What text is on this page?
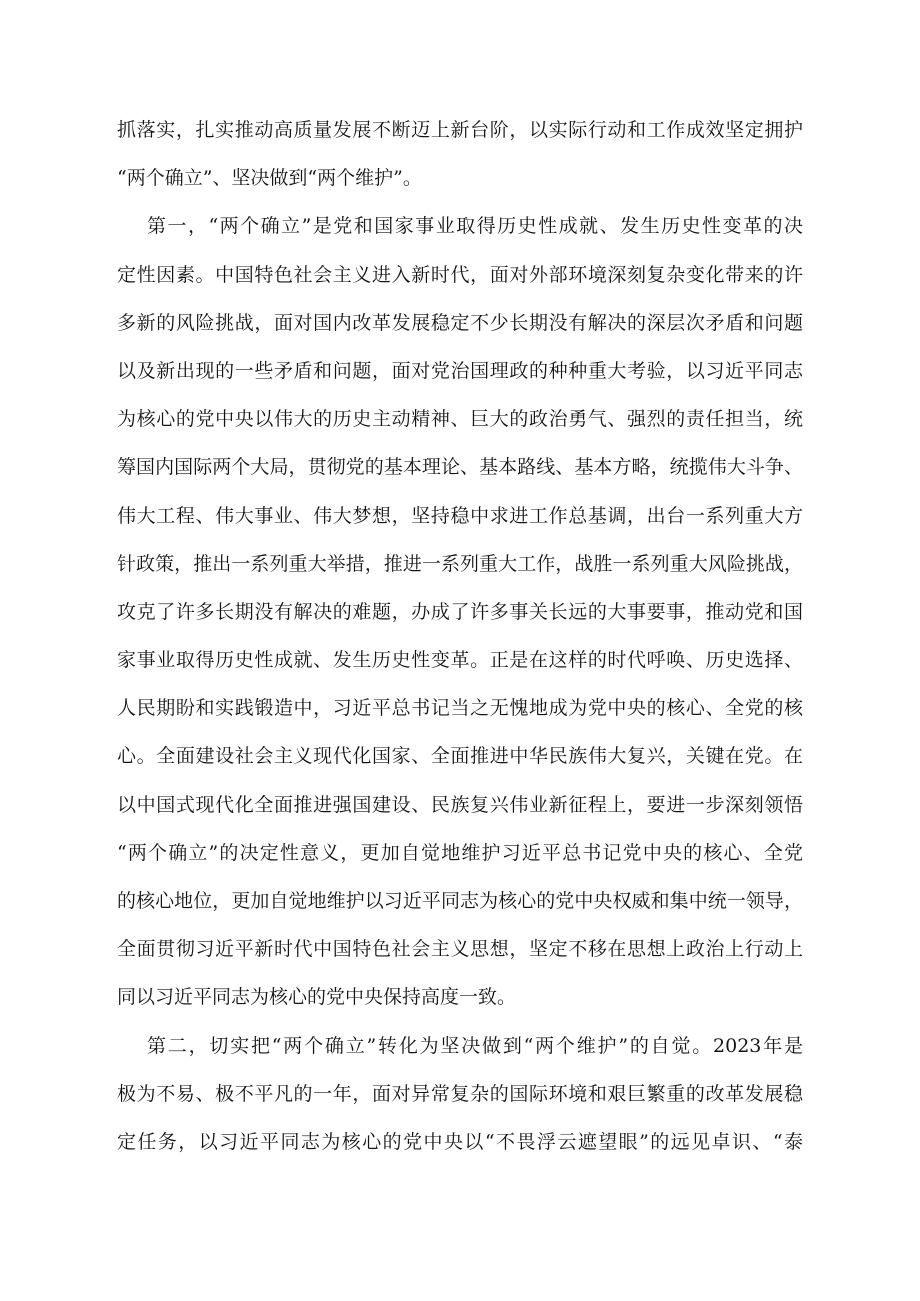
抓落实，扎实推动高质量发展不断迈上新台阶，以实际行动和工作成效坚定拥护
“两个确立”、坚决做到“两个维护”。
第一，“两个确立”是党和国家事业取得历史性成就、发生历史性变革的决
定性因素。中国特色社会主义进入新时代，面对外部环境深刻复杂变化带来的许
多新的风险挑战，面对国内改革发展稳定不少长期没有解决的深层次矛盾和问题
以及新出现的一些矛盾和问题，面对党治国理政的种种重大考验，以习近平同志
为核心的党中央以伟大的历史主动精神、巨大的政治勇气、强烈的责任担当，统
筹国内国际两个大局，贯彻党的基本理论、基本路线、基本方略，统揽伟大斗争、
伟大工程、伟大事业、伟大梦想，坚持稳中求进工作总基调，出台一系列重大方
针政策，推出一系列重大举措，推进一系列重大工作，战胜一系列重大风险挑战，
攻克了许多长期没有解决的难题，办成了许多事关长远的大事要事，推动党和国
家事业取得历史性成就、发生历史性变革。正是在这样的时代呼唤、历史选择、
人民期盼和实践锻造中，习近平总书记当之无愧地成为党中央的核心、全党的核
心。全面建设社会主义现代化国家、全面推进中华民族伟大复兴，关键在党。在
以中国式现代化全面推进强国建设、民族复兴伟业新征程上，要进一步深刻领悟
“两个确立”的决定性意义，更加自觉地维护习近平总书记党中央的核心、全党
的核心地位，更加自觉地维护以习近平同志为核心的党中央权威和集中统一领导，
全面贯彻习近平新时代中国特色社会主义思想，坚定不移在思想上政治上行动上
同以习近平同志为核心的党中央保持高度一致。
第二，切实把“两个确立”转化为坚决做到“两个维护”的自觉。2023年是
极为不易、极不平凡的一年，面对异常复杂的国际环境和艰巨繁重的改革发展稳
定任务，以习近平同志为核心的党中央以“不畏浮云遮望眼”的远见卓识、“泰
